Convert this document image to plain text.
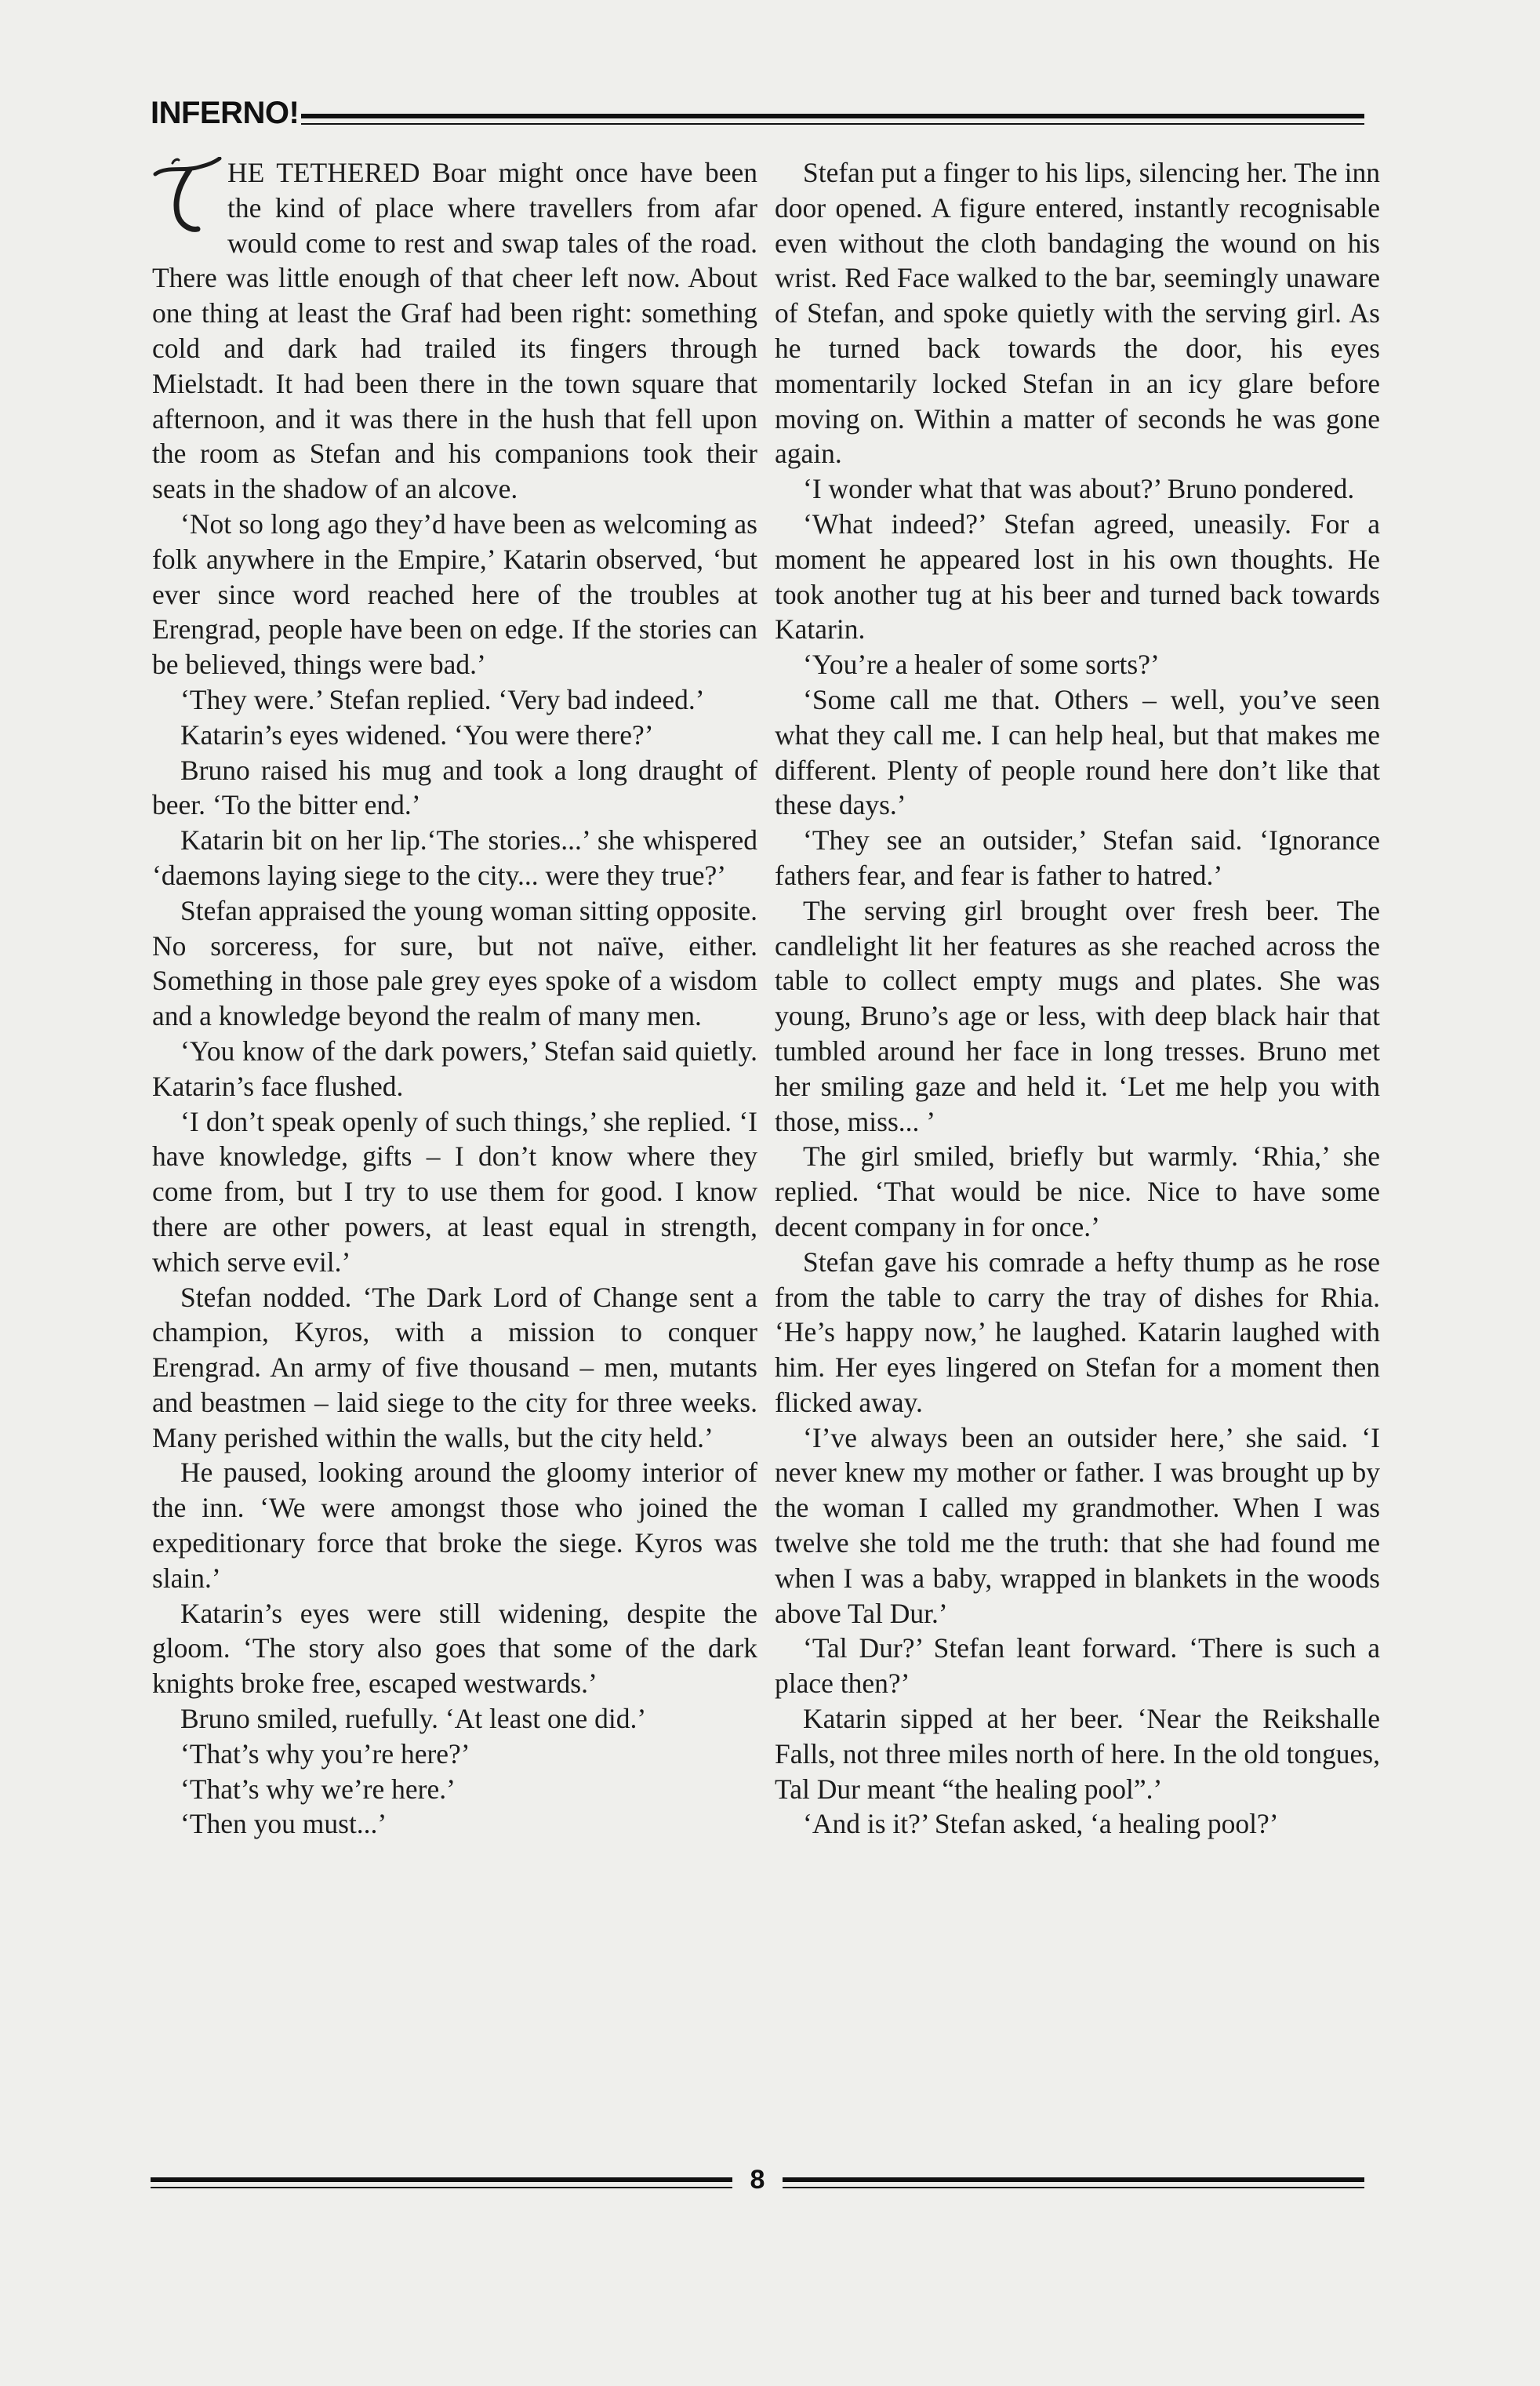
INFERNO!

HE TETHERED Boar might once have been the kind of place where travellers from afar would come to rest and swap tales of the road. There was little enough of that cheer left now. About one thing at least the Graf had been right: something cold and dark had trailed its fingers through Mielstadt. It had been there in the town square that afternoon, and it was there in the hush that fell upon the room as Stefan and his companions took their seats in the shadow of an alcove.

‘Not so long ago they’d have been as welcoming as folk anywhere in the Empire,’ Katarin observed, ‘but ever since word reached here of the troubles at Erengrad, people have been on edge. If the stories can be believed, things were bad.’

‘They were.’ Stefan replied. ‘Very bad indeed.’

Katarin’s eyes widened. ‘You were there?’

Bruno raised his mug and took a long draught of beer. ‘To the bitter end.’

Katarin bit on her lip.‘The stories...’ she whispered ‘daemons laying siege to the city... were they true?’

Stefan appraised the young woman sitting opposite. No sorceress, for sure, but not naïve, either. Something in those pale grey eyes spoke of a wisdom and a knowledge beyond the realm of many men.

‘You know of the dark powers,’ Stefan said quietly. Katarin’s face flushed.

‘I don’t speak openly of such things,’ she replied. ‘I have knowledge, gifts – I don’t know where they come from, but I try to use them for good. I know there are other powers, at least equal in strength, which serve evil.’

Stefan nodded. ‘The Dark Lord of Change sent a champion, Kyros, with a mission to conquer Erengrad. An army of five thousand – men, mutants and beastmen – laid siege to the city for three weeks. Many perished within the walls, but the city held.’

He paused, looking around the gloomy interior of the inn. ‘We were amongst those who joined the expeditionary force that broke the siege. Kyros was slain.’

Katarin’s eyes were still widening, despite the gloom. ‘The story also goes that some of the dark knights broke free, escaped westwards.’

Bruno smiled, ruefully. ‘At least one did.’

‘That’s why you’re here?’

‘That’s why we’re here.’

‘Then you must...’

Stefan put a finger to his lips, silencing her. The inn door opened. A figure entered, instantly recognisable even without the cloth bandaging the wound on his wrist. Red Face walked to the bar, seemingly unaware of Stefan, and spoke quietly with the serving girl. As he turned back towards the door, his eyes momentarily locked Stefan in an icy glare before moving on. Within a matter of seconds he was gone again.

‘I wonder what that was about?’ Bruno pondered.

‘What indeed?’ Stefan agreed, uneasily. For a moment he appeared lost in his own thoughts. He took another tug at his beer and turned back towards Katarin.

‘You’re a healer of some sorts?’

‘Some call me that. Others – well, you’ve seen what they call me. I can help heal, but that makes me different. Plenty of people round here don’t like that these days.’

‘They see an outsider,’ Stefan said. ‘Ignorance fathers fear, and fear is father to hatred.’

The serving girl brought over fresh beer. The candlelight lit her features as she reached across the table to collect empty mugs and plates. She was young, Bruno’s age or less, with deep black hair that tumbled around her face in long tresses. Bruno met her smiling gaze and held it. ‘Let me help you with those, miss... ’

The girl smiled, briefly but warmly. ‘Rhia,’ she replied. ‘That would be nice. Nice to have some decent company in for once.’

Stefan gave his comrade a hefty thump as he rose from the table to carry the tray of dishes for Rhia. ‘He’s happy now,’ he laughed. Katarin laughed with him. Her eyes lingered on Stefan for a moment then flicked away.

‘I’ve always been an outsider here,’ she said. ‘I never knew my mother or father. I was brought up by the woman I called my grandmother. When I was twelve she told me the truth: that she had found me when I was a baby, wrapped in blankets in the woods above Tal Dur.’

‘Tal Dur?’ Stefan leant forward. ‘There is such a place then?’

Katarin sipped at her beer. ‘Near the Reikshalle Falls, not three miles north of here. In the old tongues, Tal Dur meant “the healing pool”.’

‘And is it?’ Stefan asked, ‘a healing pool?’

8
